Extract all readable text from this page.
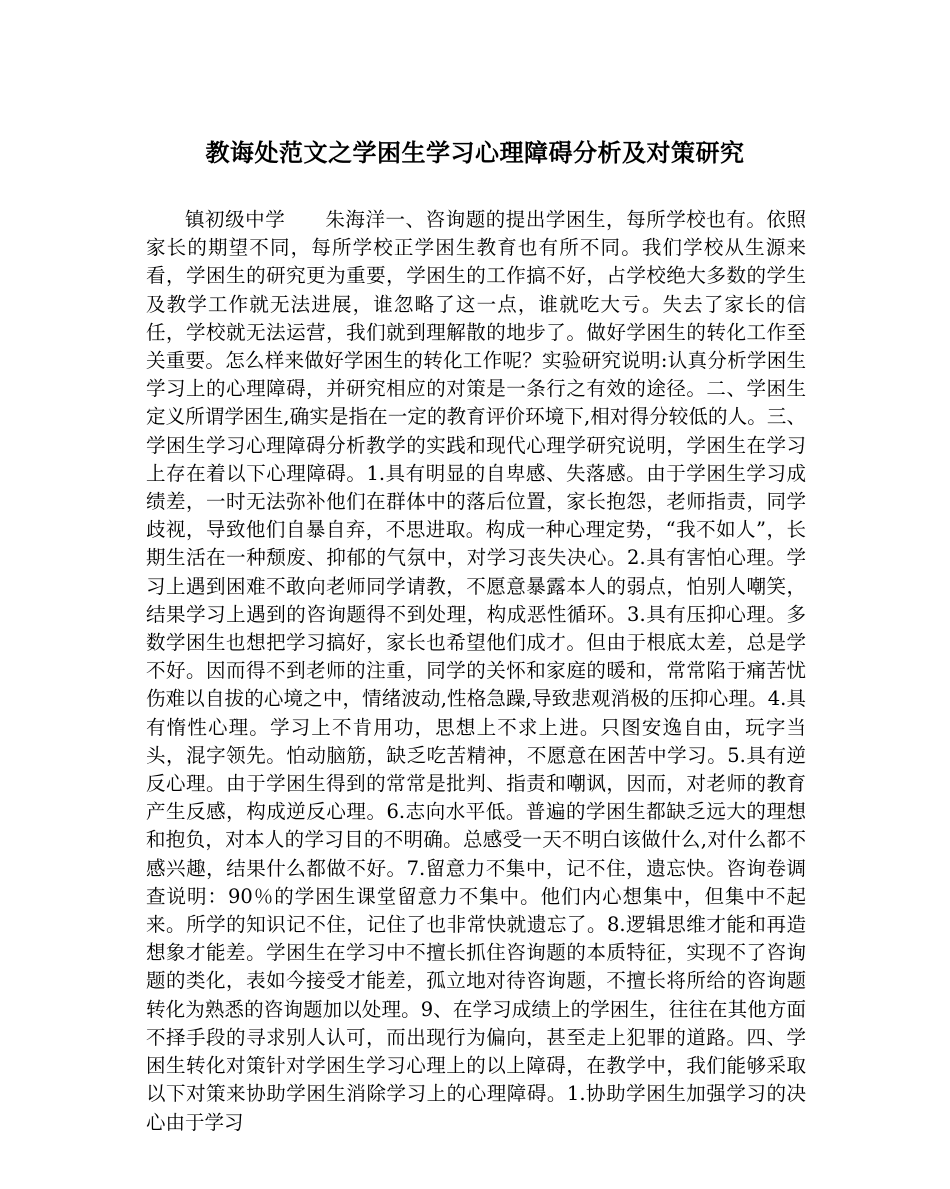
教诲处范文之学困生学习心理障碍分析及对策研究

镇初级中学　　朱海洋一、咨询题的提出学困生，每所学校也有。依照家长的期望不同，每所学校正学困生教育也有所不同。我们学校从生源来看，学困生的研究更为重要，学困生的工作搞不好，占学校绝大多数的学生及教学工作就无法进展，谁忽略了这一点，谁就吃大亏。失去了家长的信任，学校就无法运营，我们就到理解散的地步了。做好学困生的转化工作至关重要。怎么样来做好学困生的转化工作呢？实验研究说明:认真分析学困生学习上的心理障碍，并研究相应的对策是一条行之有效的途径。二、学困生定义所谓学困生,确实是指在一定的教育评价环境下,相对得分较低的人。三、学困生学习心理障碍分析教学的实践和现代心理学研究说明，学困生在学习上存在着以下心理障碍。1.具有明显的自卑感、失落感。由于学困生学习成绩差，一时无法弥补他们在群体中的落后位置，家长抱怨，老师指责，同学歧视，导致他们自暴自弃，不思进取。构成一种心理定势，“我不如人”，长期生活在一种颓废、抑郁的气氛中，对学习丧失决心。2.具有害怕心理。学习上遇到困难不敢向老师同学请教，不愿意暴露本人的弱点，怕别人嘲笑，结果学习上遇到的咨询题得不到处理，构成恶性循环。3.具有压抑心理。多数学困生也想把学习搞好，家长也希望他们成才。但由于根底太差，总是学不好。因而得不到老师的注重，同学的关怀和家庭的暖和，常常陷于痛苦忧伤难以自拔的心境之中，情绪波动,性格急躁,导致悲观消极的压抑心理。4.具有惰性心理。学习上不肯用功，思想上不求上进。只图安逸自由，玩字当头，混字领先。怕动脑筋，缺乏吃苦精神，不愿意在困苦中学习。5.具有逆反心理。由于学困生得到的常常是批判、指责和嘲讽，因而，对老师的教育产生反感，构成逆反心理。6.志向水平低。普遍的学困生都缺乏远大的理想和抱负，对本人的学习目的不明确。总感受一天不明白该做什么,对什么都不感兴趣，结果什么都做不好。7.留意力不集中，记不住，遗忘快。咨询卷调查说明：90％的学困生课堂留意力不集中。他们内心想集中，但集中不起来。所学的知识记不住，记住了也非常快就遗忘了。8.逻辑思维才能和再造想象才能差。学困生在学习中不擅长抓住咨询题的本质特征，实现不了咨询题的类化，表如今接受才能差，孤立地对待咨询题，不擅长将所给的咨询题转化为熟悉的咨询题加以处理。9、在学习成绩上的学困生，往往在其他方面不择手段的寻求别人认可，而出现行为偏向，甚至走上犯罪的道路。四、学困生转化对策针对学困生学习心理上的以上障碍，在教学中，我们能够采取以下对策来协助学困生消除学习上的心理障碍。1.协助学困生加强学习的决心由于学习
